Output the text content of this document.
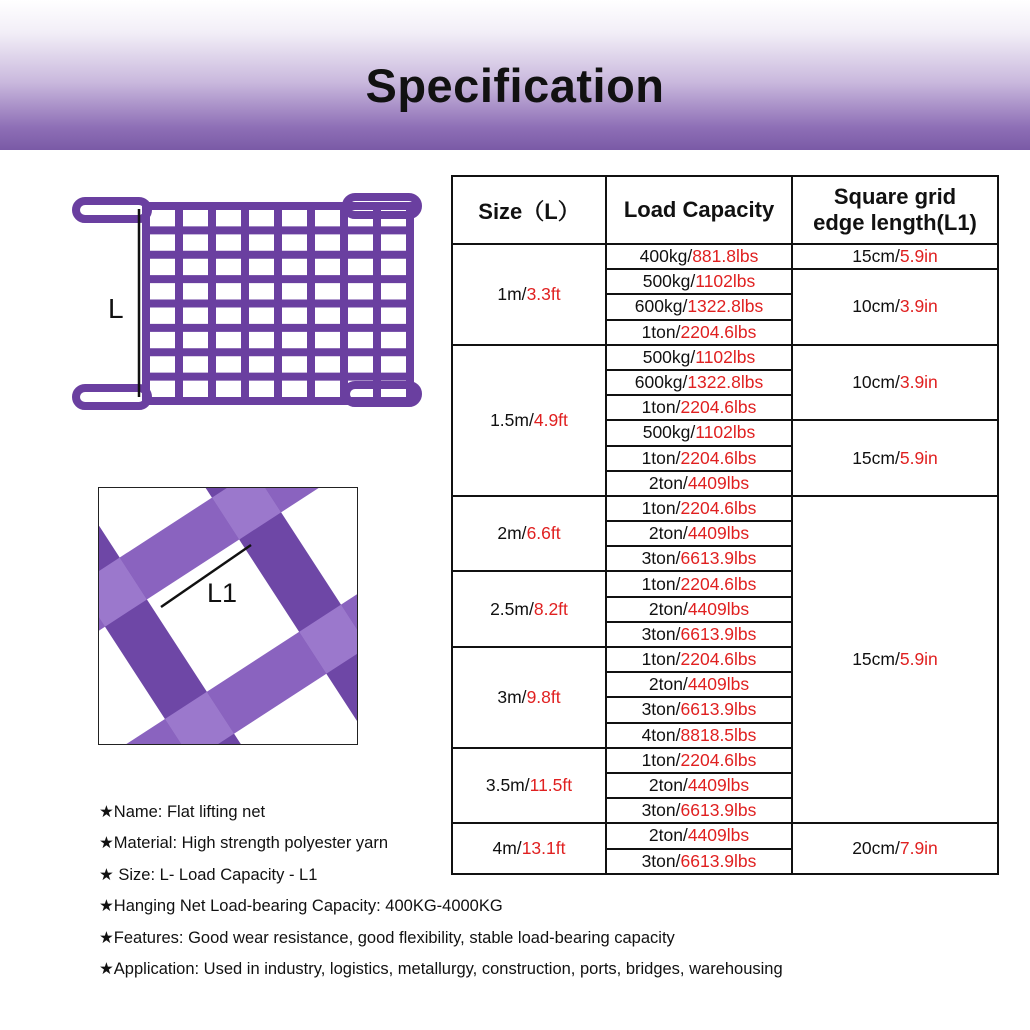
Specification
L
L1
Size（L）	Load Capacity	Square grid
edge length(L1)
1m/3.3ft	400kg/881.8lbs	15cm/5.9in
	500kg/1102lbs	10cm/3.9in
	600kg/1322.8lbs	
	1ton/2204.6lbs	
1.5m/4.9ft	500kg/1102lbs	10cm/3.9in
	600kg/1322.8lbs	
	1ton/2204.6lbs	
	500kg/1102lbs	15cm/5.9in
	1ton/2204.6lbs	
	2ton/4409lbs	
2m/6.6ft	1ton/2204.6lbs	15cm/5.9in
	2ton/4409lbs	
	3ton/6613.9lbs	
2.5m/8.2ft	1ton/2204.6lbs	
	2ton/4409lbs	
	3ton/6613.9lbs	
3m/9.8ft	1ton/2204.6lbs	
	2ton/4409lbs	
	3ton/6613.9lbs	
	4ton/8818.5lbs	
3.5m/11.5ft	1ton/2204.6lbs	
	2ton/4409lbs	
	3ton/6613.9lbs	
4m/13.1ft	2ton/4409lbs	20cm/7.9in
	3ton/6613.9lbs	
★Name: Flat lifting net
★Material: High strength polyester yarn
★ Size: L- Load Capacity - L1
★Hanging Net Load-bearing Capacity: 400KG-4000KG
★Features: Good wear resistance, good flexibility, stable load-bearing capacity
★Application: Used in industry, logistics, metallurgy, construction, ports, bridges, warehousing
